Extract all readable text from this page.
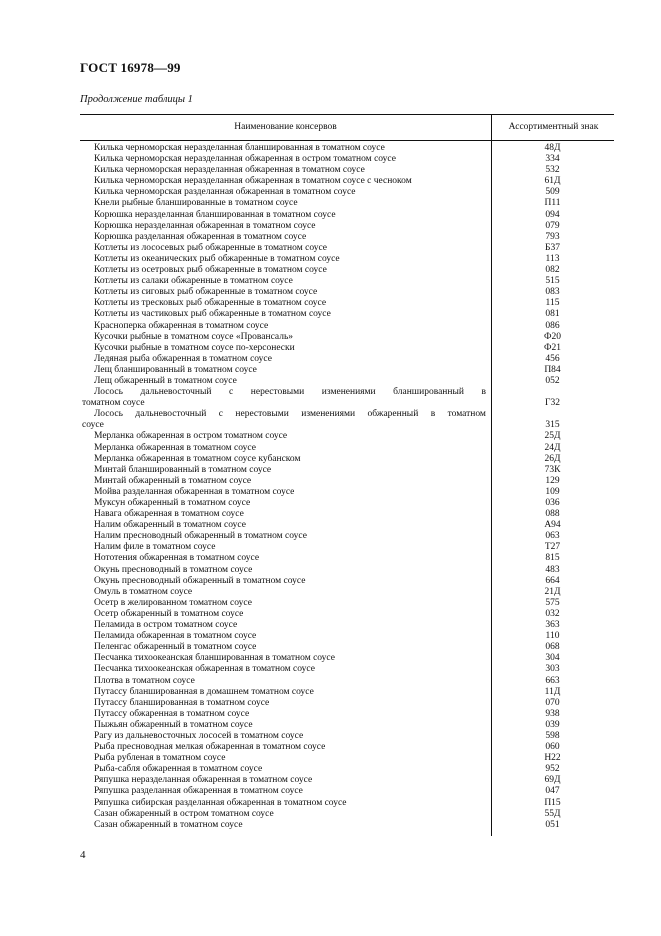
ГОСТ 16978—99
Продолжение таблицы 1
Наименование консервов	Ассортиментный знак
Килька черноморская неразделанная бланшированная в томатном соусе	48Д
Килька черноморская неразделанная обжаренная в остром томатном соусе	334
Килька черноморская неразделанная обжаренная в томатном соусе	532
Килька черноморская неразделанная обжаренная в томатном соусе с чесноком	61Д
Килька черноморская разделанная обжаренная в томатном соусе	509
Кнели рыбные бланшированные в томатном соусе	П11
Корюшка неразделанная бланшированная в томатном соусе	094
Корюшка неразделанная обжаренная в томатном соусе	079
Корюшка разделанная обжаренная в томатном соусе	793
Котлеты из лососевых рыб обжаренные в томатном соусе	Б37
Котлеты из океанических рыб обжаренные в томатном соусе	113
Котлеты из осетровых рыб обжаренные в томатном соусе	082
Котлеты из салаки обжаренные в томатном соусе	515
Котлеты из сиговых рыб обжаренные в томатном соусе	083
Котлеты из тресковых рыб обжаренные в томатном соусе	115
Котлеты из частиковых рыб обжаренные в томатном соусе	081
Красноперка обжаренная в томатном соусе	086
Кусочки рыбные в томатном соусе «Провансаль»	Ф20
Кусочки рыбные в томатном соусе по-херсонески	Ф21
Ледяная рыба обжаренная в томатном соусе	456
Лещ бланшированный в томатном соусе	П84
Лещ обжаренный в томатном соусе	052
Лосось дальневосточный с нерестовыми изменениями бланшированный в
томатном соусе	Г32
Лосось дальневосточный с нерестовыми изменениями обжаренный в томатном
соусе	315
Мерланка обжаренная в остром томатном соусе	25Д
Мерланка обжаренная в томатном соусе	24Д
Мерланка обжаренная в томатном соусе кубанском	26Д
Минтай бланшированный в томатном соусе	73К
Минтай обжаренный в томатном соусе	129
Мойва разделанная обжаренная в томатном соусе	109
Муксун обжаренный в томатном соусе	036
Навага обжаренная в томатном соусе	088
Налим обжаренный в томатном соусе	А94
Налим пресноводный обжаренный в томатном соусе	063
Налим филе в томатном соусе	Т27
Нототения обжаренная в томатном соусе	815
Окунь пресноводный в томатном соусе	483
Окунь пресноводный обжаренный в томатном соусе	664
Омуль в томатном соусе	21Д
Осетр в желированном томатном соусе	575
Осетр обжаренный в томатном соусе	032
Пеламида в остром томатном соусе	363
Пеламида обжаренная в томатном соусе	110
Пеленгас обжаренный в томатном соусе	068
Песчанка тихоокеанская бланшированная в томатном соусе	304
Песчанка тихоокеанская обжаренная в томатном соусе	303
Плотва в томатном соусе	663
Путассу бланшированная в домашнем томатном соусе	11Д
Путассу бланшированная в томатном соусе	070
Путассу обжаренная в томатном соусе	938
Пыжьян обжаренный в томатном соусе	039
Рагу из дальневосточных лососей в томатном соусе	598
Рыба пресноводная мелкая обжаренная в томатном соусе	060
Рыба рубленая в томатном соусе	Н22
Рыба-сабля обжаренная в томатном соусе	952
Ряпушка неразделанная обжаренная в томатном соусе	69Д
Ряпушка разделанная обжаренная в томатном соусе	047
Ряпушка сибирская разделанная обжаренная в томатном соусе	П15
Сазан обжаренный в остром томатном соусе	55Д
Сазан обжаренный в томатном соусе	051
4
